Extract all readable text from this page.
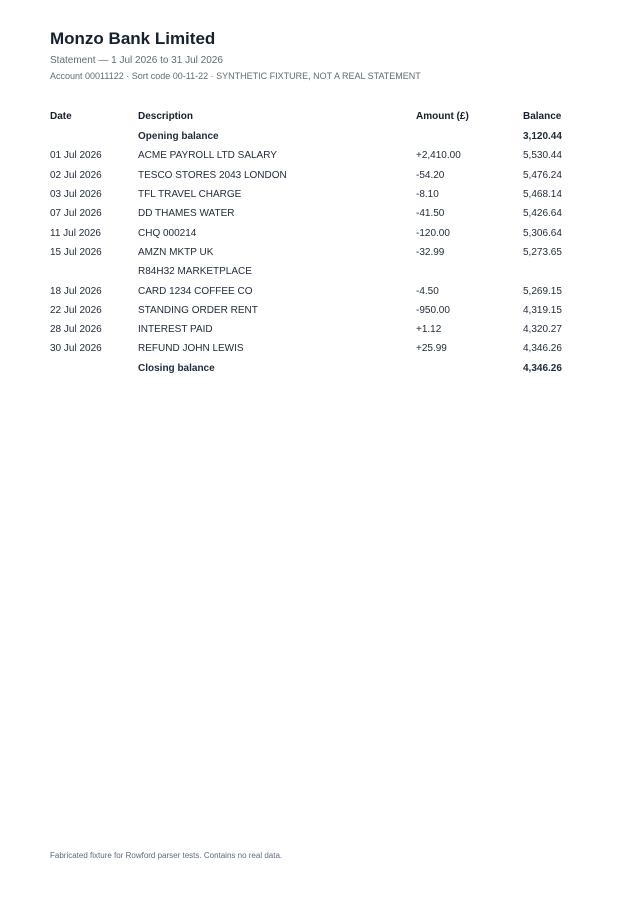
Monzo Bank Limited
Statement — 1 Jul 2026 to 31 Jul 2026
Account 00011122 · Sort code 00-11-22 · SYNTHETIC FIXTURE, NOT A REAL STATEMENT
Date	Description	Amount (£)	Balance
	Opening balance		3,120.44
01 Jul 2026	ACME PAYROLL LTD SALARY	+2,410.00	5,530.44
02 Jul 2026	TESCO STORES 2043 LONDON	-54.20	5,476.24
03 Jul 2026	TFL TRAVEL CHARGE	-8.10	5,468.14
07 Jul 2026	DD THAMES WATER	-41.50	5,426.64
11 Jul 2026	CHQ 000214	-120.00	5,306.64
15 Jul 2026	AMZN MKTP UK	-32.99	5,273.65
	R84H32 MARKETPLACE		
18 Jul 2026	CARD 1234 COFFEE CO	-4.50	5,269.15
22 Jul 2026	STANDING ORDER RENT	-950.00	4,319.15
28 Jul 2026	INTEREST PAID	+1.12	4,320.27
30 Jul 2026	REFUND JOHN LEWIS	+25.99	4,346.26
	Closing balance		4,346.26
Fabricated fixture for Rowford parser tests. Contains no real data.
